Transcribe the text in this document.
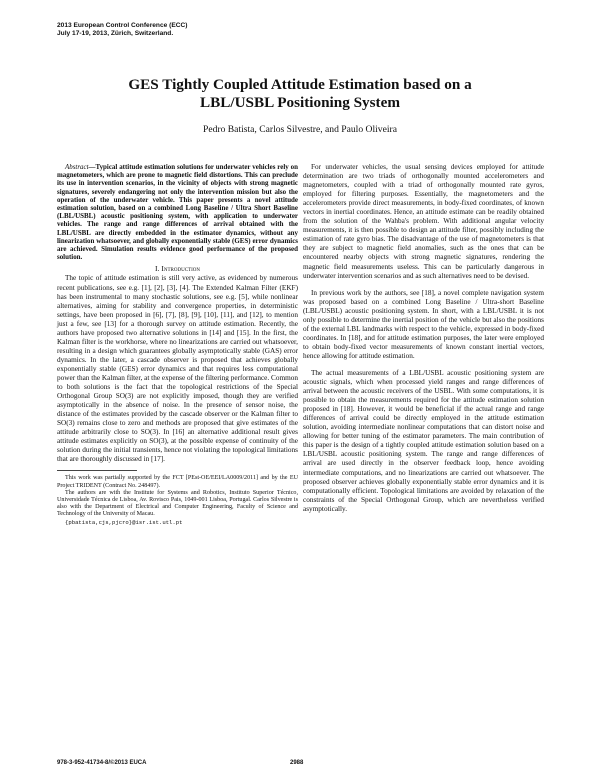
2013 European Control Conference (ECC)
July 17-19, 2013, Zürich, Switzerland.
GES Tightly Coupled Attitude Estimation based on a
LBL/USBL Positioning System
Pedro Batista, Carlos Silvestre, and Paulo Oliveira

Abstract—Typical attitude estimation solutions for underwater vehicles rely on magnetometers, which are prone to magnetic field distortions. This can preclude its use in intervention scenarios, in the vicinity of objects with strong magnetic signatures, severely endangering not only the intervention mission but also the operation of the underwater vehicle. This paper presents a novel attitude estimation solution, based on a combined Long Baseline / Ultra Short Baseline (LBL/USBL) acoustic positioning system, with application to underwater vehicles. The range and range differences of arrival obtained with the LBL/USBL are directly embedded in the estimator dynamics, without any linearization whatsoever, and globally exponentially stable (GES) error dynamics are achieved. Simulation results evidence good performance of the proposed solution.

I. Introduction

The topic of attitude estimation is still very active, as evidenced by numerous recent publications, see e.g. [1], [2], [3], [4]. The Extended Kalman Filter (EKF) has been instrumental to many stochastic solutions, see e.g. [5], while nonlinear alternatives, aiming for stability and convergence properties, in deterministic settings, have been proposed in [6], [7], [8], [9], [10], [11], and [12], to mention just a few, see [13] for a thorough survey on attitude estimation. Recently, the authors have proposed two alternative solutions in [14] and [15]. In the first, the Kalman filter is the workhorse, where no linearizations are carried out whatsoever, resulting in a design which guarantees globally asymptotically stable (GAS) error dynamics. In the later, a cascade observer is proposed that achieves globally exponentially stable (GES) error dynamics and that requires less computational power than the Kalman filter, at the expense of the filtering performance. Common to both solutions is the fact that the topological restrictions of the Special Orthogonal Group SO(3) are not explicitly imposed, though they are verified asymptotically in the absence of noise. In the presence of sensor noise, the distance of the estimates provided by the cascade observer or the Kalman filter to SO(3) remains close to zero and methods are proposed that give estimates of the attitude arbitrarily close to SO(3). In [16] an alternative additional result gives attitude estimates explicitly on SO(3), at the possible expense of continuity of the solution during the initial transients, hence not violating the topological limitations that are thoroughly discussed in [17].

This work was partially supported by the FCT [PEst-OE/EEI/LA0009/2011] and by the EU Project TRIDENT (Contract No. 248497).

The authors are with the Institute for Systems and Robotics, Instituto Superior Técnico, Universidade Técnica de Lisboa, Av. Rovisco Pais, 1049-001 Lisboa, Portugal. Carlos Silvestre is also with the Department of Electrical and Computer Engineering, Faculty of Science and Technology of the University of Macau.

{pbatista,cjs,pjcro}@isr.ist.utl.pt

For underwater vehicles, the usual sensing devices employed for attitude determination are two triads of orthogonally mounted accelerometers and magnetometers, coupled with a triad of orthogonally mounted rate gyros, employed for filtering purposes. Essentially, the magnetometers and the accelerometers provide direct measurements, in body-fixed coordinates, of known vectors in inertial coordinates. Hence, an attitude estimate can be readily obtained from the solution of the Wahba's problem. With additional angular velocity measurements, it is then possible to design an attitude filter, possibly including the estimation of rate gyro bias. The disadvantage of the use of magnetometers is that they are subject to magnetic field anomalies, such as the ones that can be encountered nearby objects with strong magnetic signatures, rendering the magnetic field measurements useless. This can be particularly dangerous in underwater intervention scenarios and as such alternatives need to be devised.

In previous work by the authors, see [18], a novel complete navigation system was proposed based on a combined Long Baseline / Ultra-short Baseline (LBL/USBL) acoustic positioning system. In short, with a LBL/USBL it is not only possible to determine the inertial position of the vehicle but also the positions of the external LBL landmarks with respect to the vehicle, expressed in body-fixed coordinates. In [18], and for attitude estimation purposes, the later were employed to obtain body-fixed vector measurements of known constant inertial vectors, hence allowing for attitude estimation.

The actual measurements of a LBL/USBL acoustic positioning system are acoustic signals, which when processed yield ranges and range differences of arrival between the acoustic receivers of the USBL. With some computations, it is possible to obtain the measurements required for the attitude estimation solution proposed in [18]. However, it would be beneficial if the actual range and range differences of arrival could be directly employed in the attitude estimation solution, avoiding intermediate nonlinear computations that can distort noise and allowing for better tuning of the estimator parameters. The main contribution of this paper is the design of a tightly coupled attitude estimation solution based on a LBL/USBL acoustic positioning system. The range and range differences of arrival are used directly in the observer feedback loop, hence avoiding intermediate computations, and no linearizations are carried out whatsoever. The proposed observer achieves globally exponentially stable error dynamics and it is computationally efficient. Topological limitations are avoided by relaxation of the constraints of the Special Orthogonal Group, which are nevertheless verified asymptotically.

978-3-952-41734-8/©2013 EUCA	2988
